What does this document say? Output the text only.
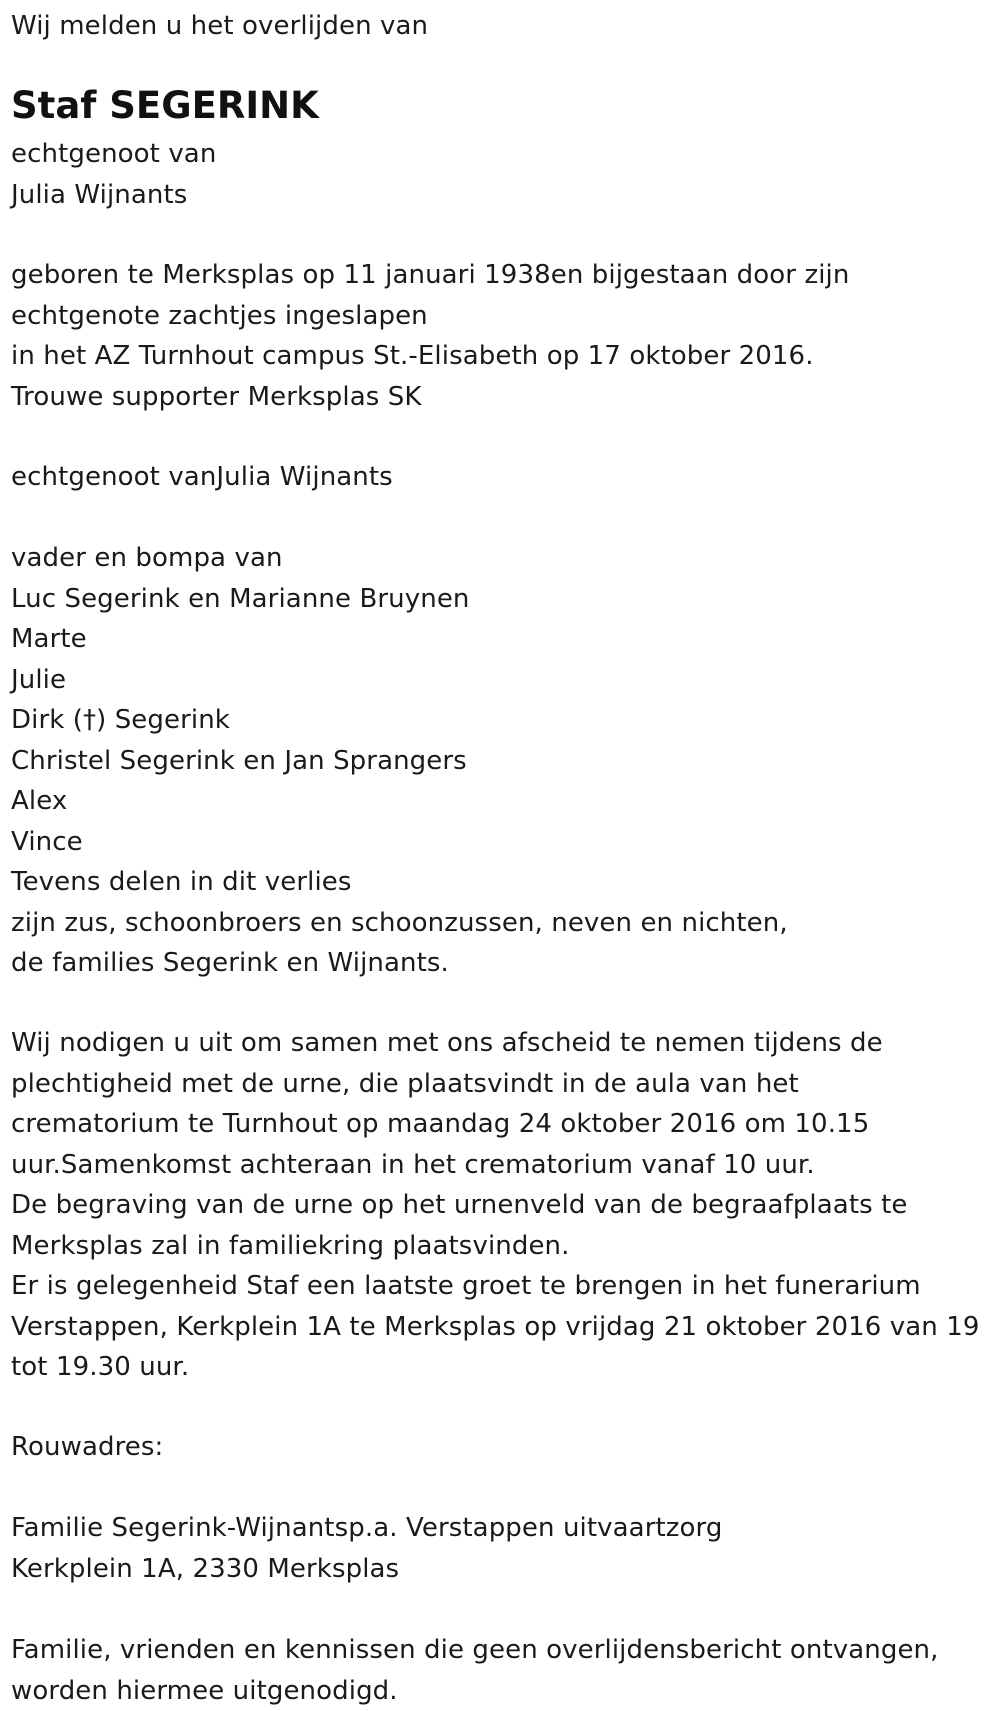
Wij melden u het overlijden van
Staf SEGERINK
echtgenoot van
Julia Wijnants
geboren te Merksplas op 11 januari 1938en bijgestaan door zijn
echtgenote zachtjes ingeslapen
in het AZ Turnhout campus St.-Elisabeth op 17 oktober 2016.
Trouwe supporter Merksplas SK
echtgenoot vanJulia Wijnants
vader en bompa van
Luc Segerink en Marianne Bruynen
Marte
Julie
Dirk (†) Segerink
Christel Segerink en Jan Sprangers
Alex
Vince
Tevens delen in dit verlies
zijn zus, schoonbroers en schoonzussen, neven en nichten,
de families Segerink en Wijnants.
Wij nodigen u uit om samen met ons afscheid te nemen tijdens de
plechtigheid met de urne, die plaatsvindt in de aula van het
crematorium te Turnhout op maandag 24 oktober 2016 om 10.15
uur.Samenkomst achteraan in het crematorium vanaf 10 uur.
De begraving van de urne op het urnenveld van de begraafplaats te
Merksplas zal in familiekring plaatsvinden.
Er is gelegenheid Staf een laatste groet te brengen in het funerarium
Verstappen, Kerkplein 1A te Merksplas op vrijdag 21 oktober 2016 van 19
tot 19.30 uur.
Rouwadres:
Familie Segerink-Wijnantsp.a. Verstappen uitvaartzorg
Kerkplein 1A, 2330 Merksplas
Familie, vrienden en kennissen die geen overlijdensbericht ontvangen,
worden hiermee uitgenodigd.
